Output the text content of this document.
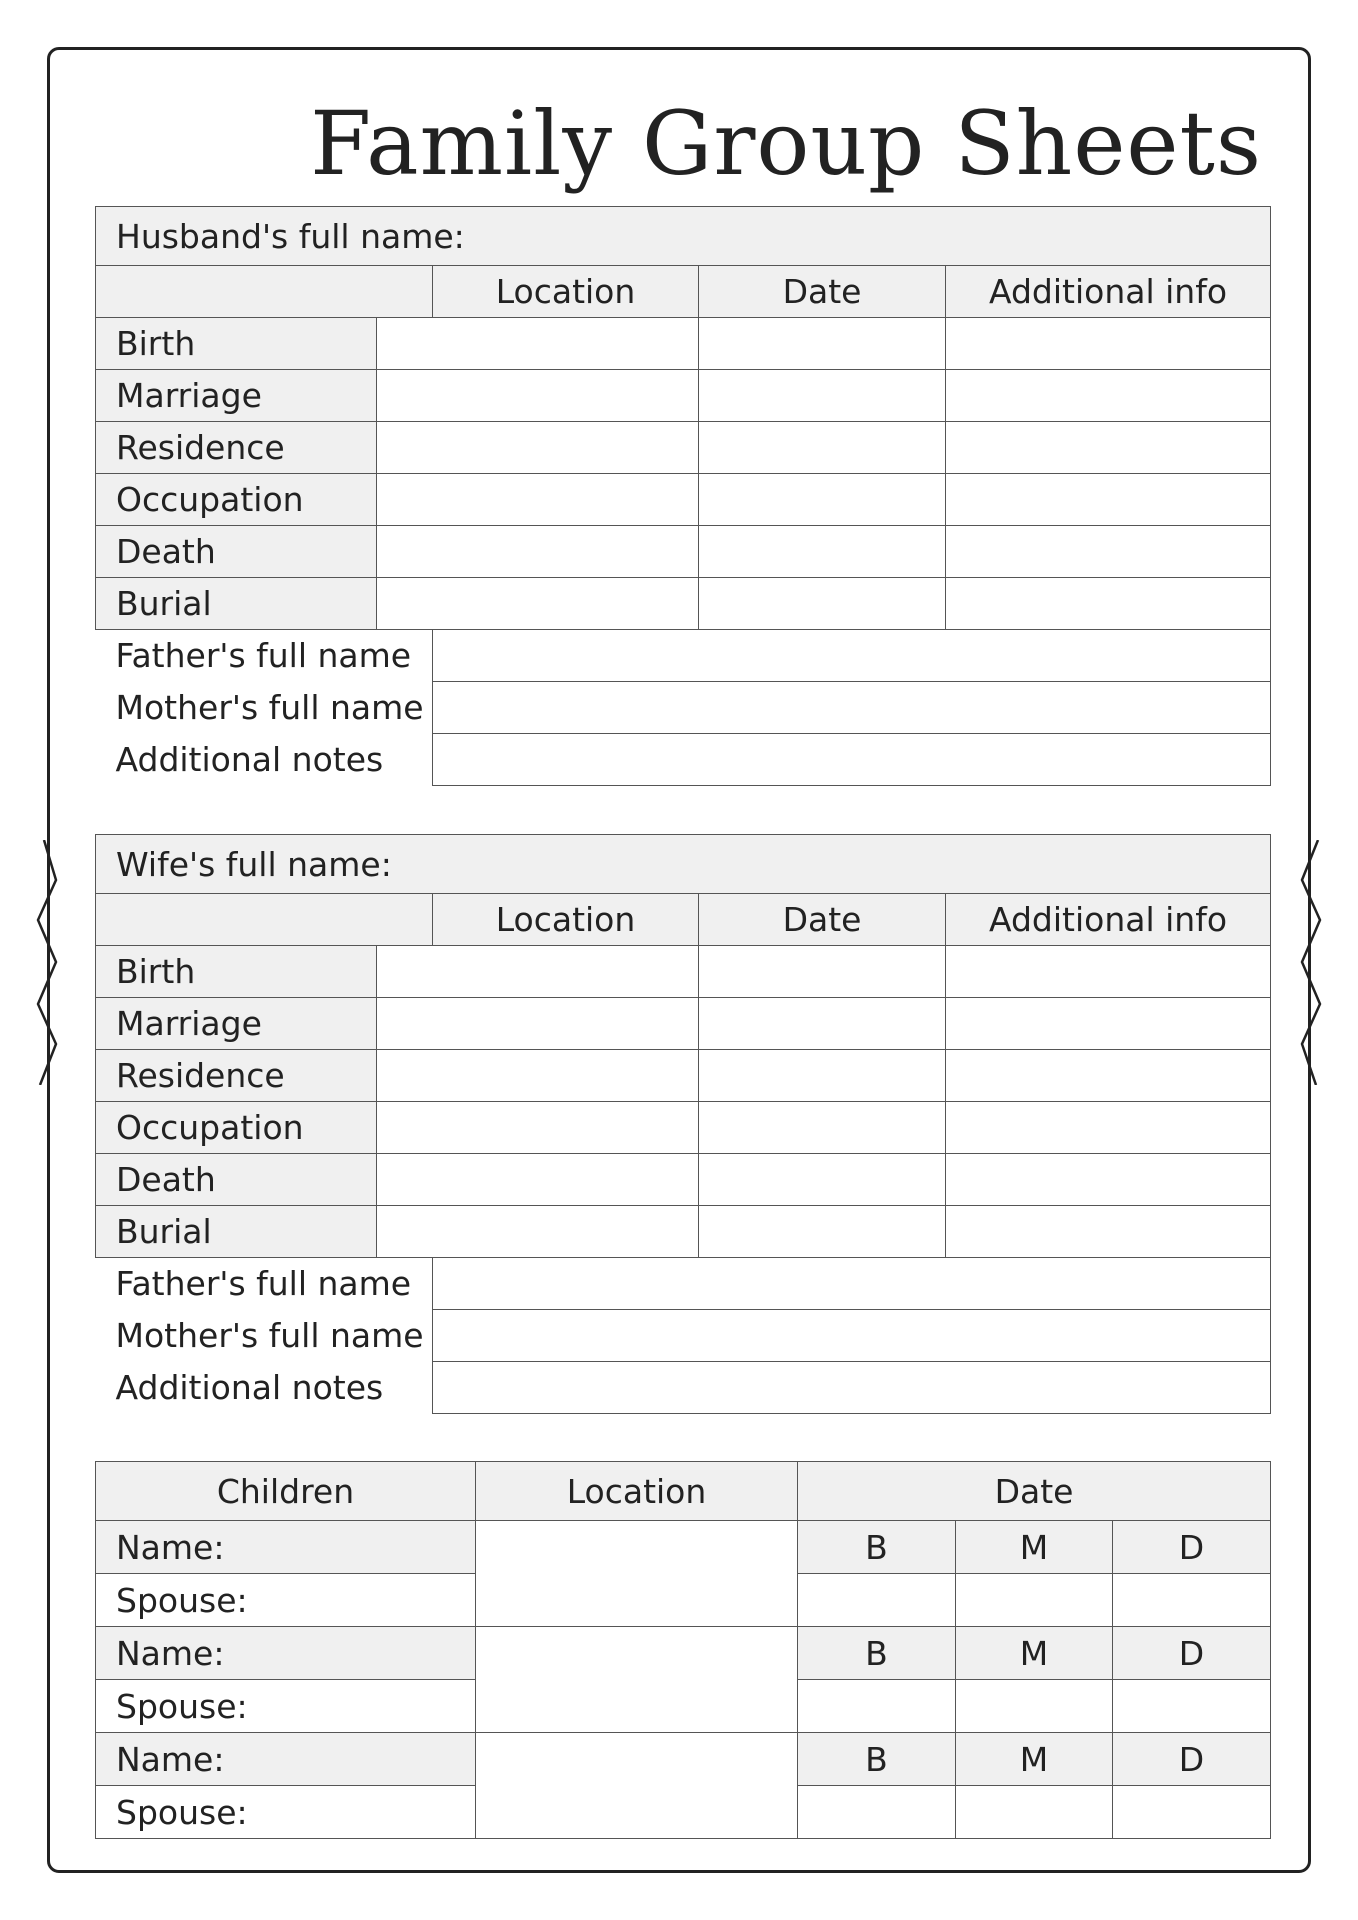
Family Group Sheets
Husband's full name:				
		Location	Date	Additional info
Birth				
Marriage				
Residence				
Occupation				
Death				
Burial				
Father's full name				
Mother's full name				
Additional notes				
Wife's full name:				
		Location	Date	Additional info
Birth				
Marriage				
Residence				
Occupation				
Death				
Burial				
Father's full name				
Mother's full name				
Additional notes				
Children	Location	Date		
Name:		B	M	D
Spouse:				
Name:		B	M	D
Spouse:				
Name:		B	M	D
Spouse:				
